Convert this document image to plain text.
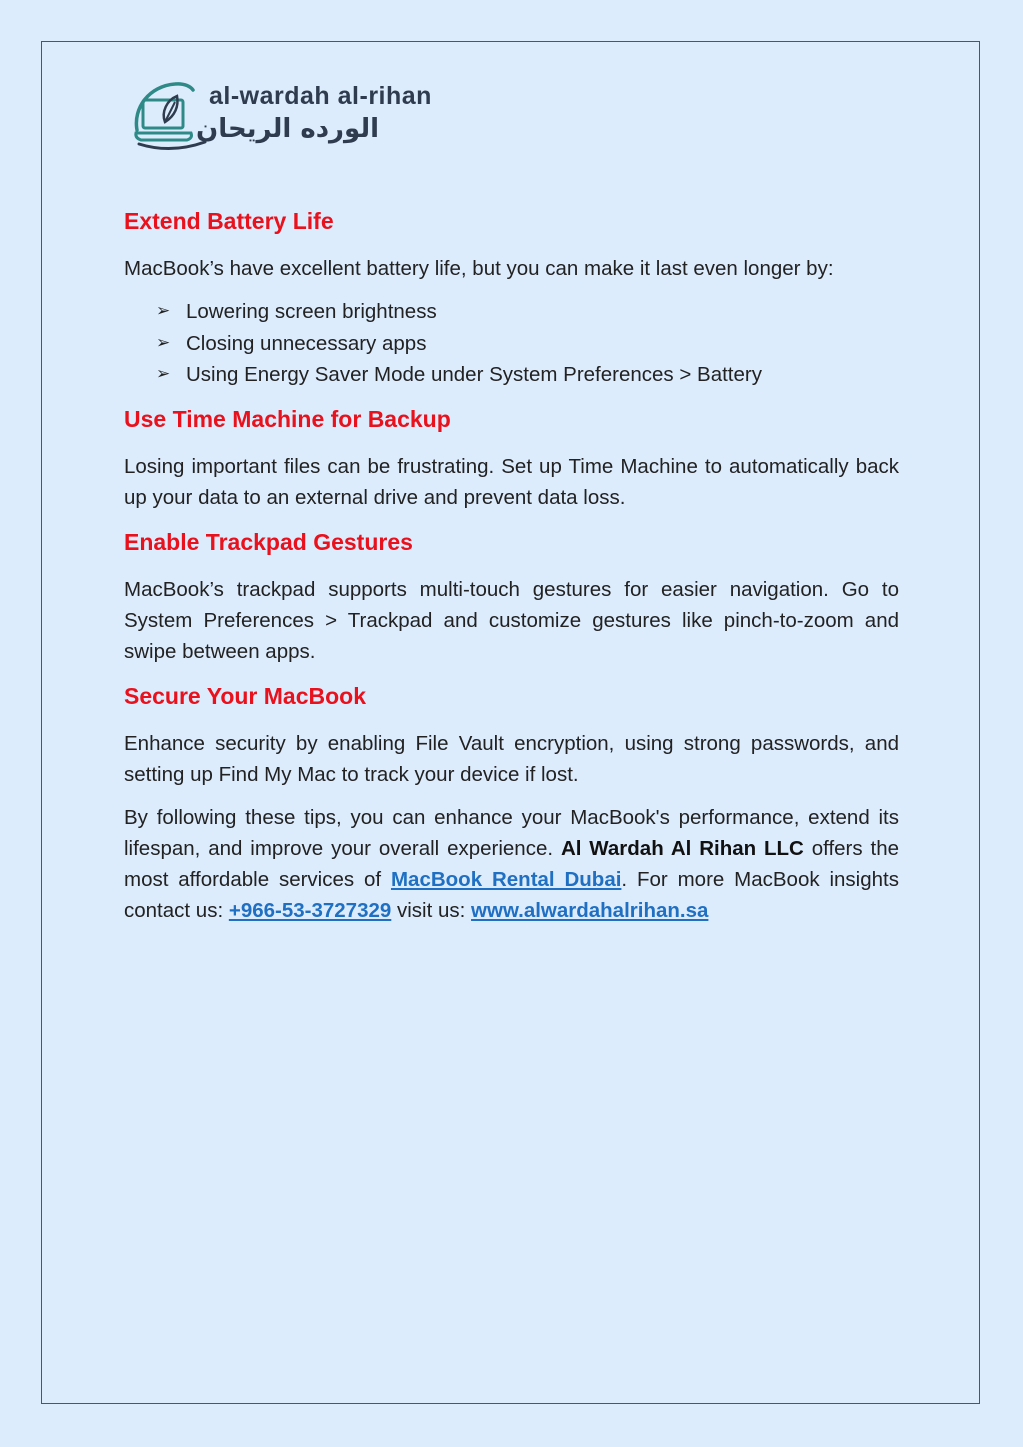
al-wardah al-rihan
الورده الريحان
Extend Battery Life

MacBook’s have excellent battery life, but you can make it last even longer by:

➢ Lowering screen brightness
➢ Closing unnecessary apps
➢ Using Energy Saver Mode under System Preferences > Battery
Use Time Machine for Backup

Losing important files can be frustrating. Set up Time Machine to automatically back up your data to an external drive and prevent data loss.

Enable Trackpad Gestures

MacBook’s trackpad supports multi-touch gestures for easier navigation. Go to System Preferences > Trackpad and customize gestures like pinch-to-zoom and swipe between apps.

Secure Your MacBook

Enhance security by enabling File Vault encryption, using strong passwords, and setting up Find My Mac to track your device if lost.

By following these tips, you can enhance your MacBook's performance, extend its lifespan, and improve your overall experience. Al Wardah Al Rihan LLC offers the most affordable services of MacBook Rental Dubai. For more MacBook insights contact us: +966-53-3727329 visit us: www.alwardahalrihan.sa
